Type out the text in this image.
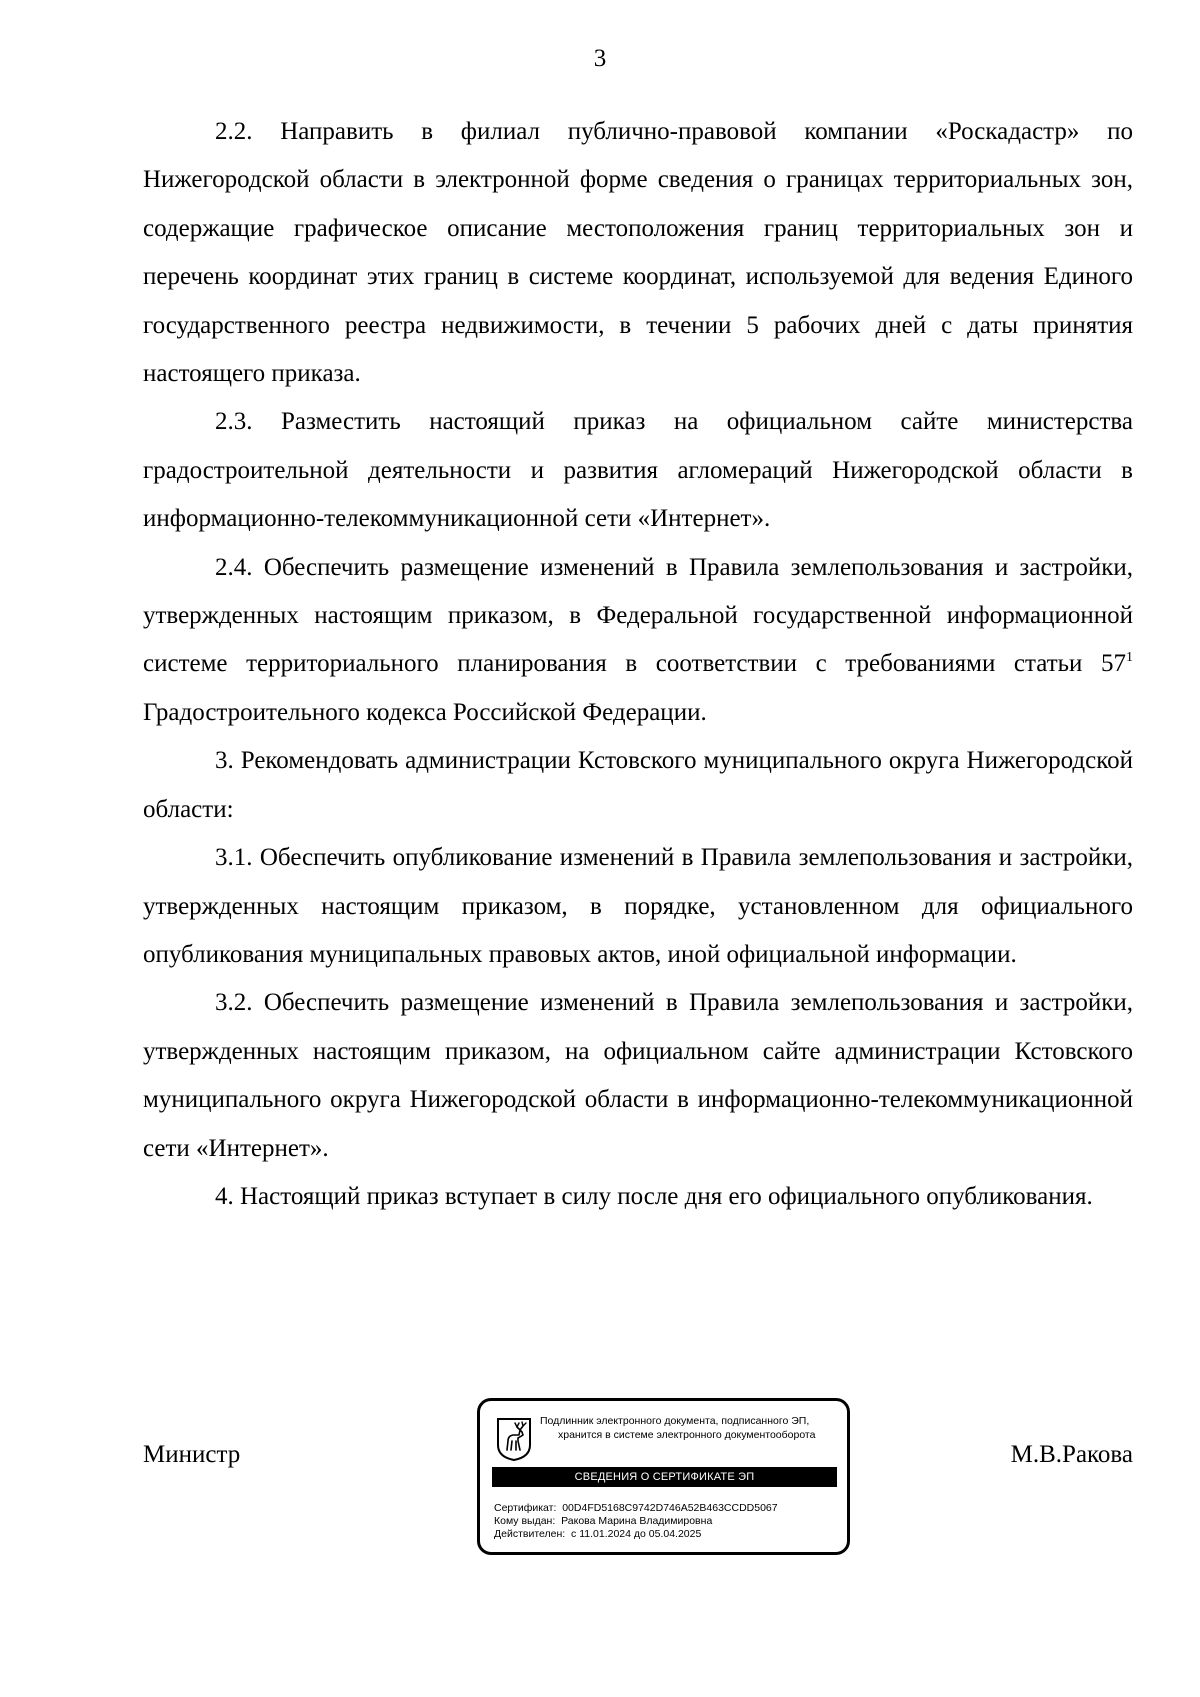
3

2.2. Направить в филиал публично-правовой компании «Роскадастр» по Нижегородской области в электронной форме сведения о границах территориальных зон, содержащие графическое описание местоположения границ территориальных зон и перечень координат этих границ в системе координат, используемой для ведения Единого государственного реестра недвижимости, в течении 5 рабочих дней с даты принятия настоящего приказа.

2.3. Разместить настоящий приказ на официальном сайте министерства градостроительной деятельности и развития агломераций Нижегородской области в информационно-телекоммуникационной сети «Интернет».

2.4. Обеспечить размещение изменений в Правила землепользования и застройки, утвержденных настоящим приказом, в Федеральной государственной информационной системе территориального планирования в соответствии с требованиями статьи $57^1$ Градостроительного кодекса Российской Федерации.

3. Рекомендовать администрации Кстовского муниципального округа Нижегородской области:

3.1. Обеспечить опубликование изменений в Правила землепользования и застройки, утвержденных настоящим приказом, в порядке, установленном для официального опубликования муниципальных правовых актов, иной официальной информации.

3.2. Обеспечить размещение изменений в Правила землепользования и застройки, утвержденных настоящим приказом, на официальном сайте администрации Кстовского муниципального округа Нижегородской области в информационно-телекоммуникационной сети «Интернет».

4. Настоящий приказ вступает в силу после дня его официального опубликования.

Министр
Подлинник электронного документа, подписанного ЭП,
хранится в системе электронного документооборота
СВЕДЕНИЯ О СЕРТИФИКАТЕ ЭП
Сертификат:  00D4FD5168C9742D746A52B463CCDD5067
Кому выдан:  Ракова Марина Владимировна
Действителен:  с 11.01.2024 до 05.04.2025
М.В.Ракова
